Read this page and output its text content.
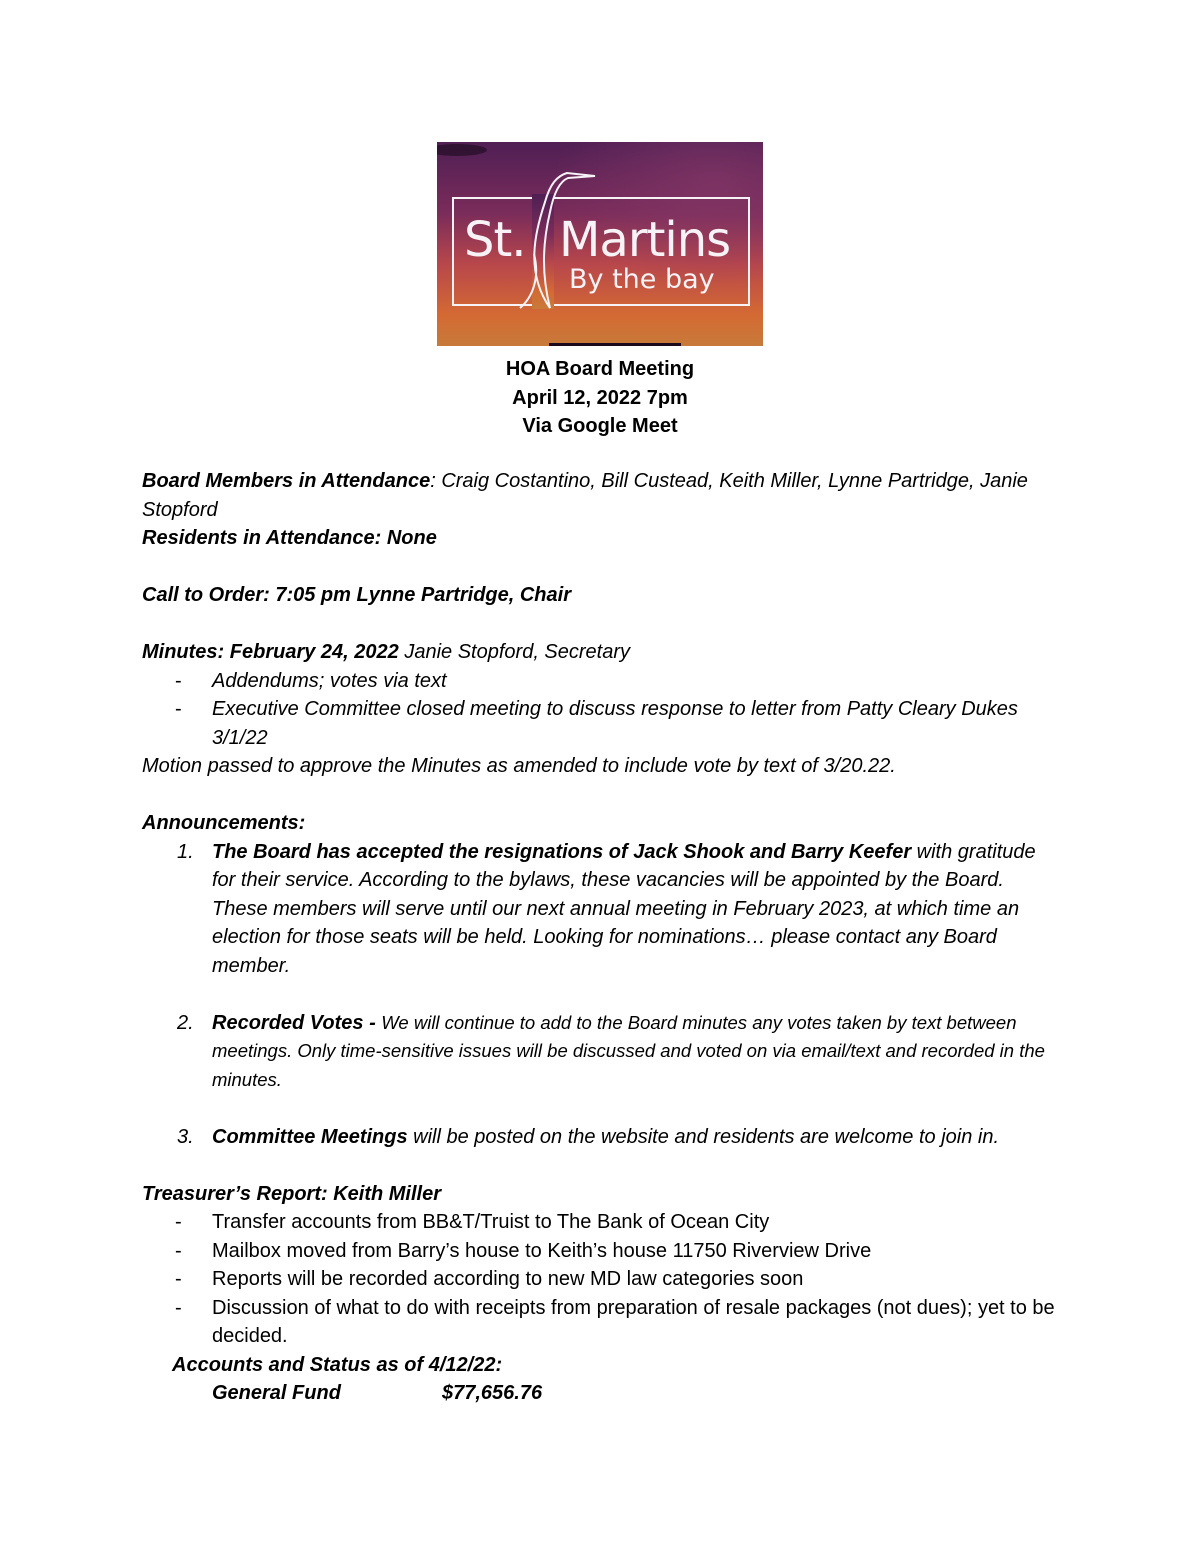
St. Martins
By the bay
HOA Board Meeting
April 12, 2022 7pm
Via Google Meet

Board Members in Attendance: Craig Costantino, Bill Custead, Keith Miller, Lynne Partridge, Janie Stopford

Residents in Attendance: None

Call to Order: 7:05 pm Lynne Partridge, Chair

Minutes: February 24, 2022 Janie Stopford, Secretary

- Addendums; votes via text
- Executive Committee closed meeting to discuss response to letter from Patty Cleary Dukes 3/1/22

Motion passed to approve the Minutes as amended to include vote by text of 3/20.22.

Announcements:

1. The Board has accepted the resignations of Jack Shook and Barry Keefer with gratitude for their service. According to the bylaws, these vacancies will be appointed by the Board. These members will serve until our next annual meeting in February 2023, at which time an election for those seats will be held. Looking for nominations… please contact any Board member.
2. Recorded Votes - We will continue to add to the Board minutes any votes taken by text between meetings. Only time-sensitive issues will be discussed and voted on via email/text and recorded in the minutes.
3. Committee Meetings will be posted on the website and residents are welcome to join in.

Treasurer’s Report: Keith Miller

- Transfer accounts from BB&T/Truist to The Bank of Ocean City
- Mailbox moved from Barry’s house to Keith’s house 11750 Riverview Drive
- Reports will be recorded according to new MD law categories soon
- Discussion of what to do with receipts from preparation of resale packages (not dues); yet to be decided.

Accounts and Status as of 4/12/22:

General Fund	$77,656.76
